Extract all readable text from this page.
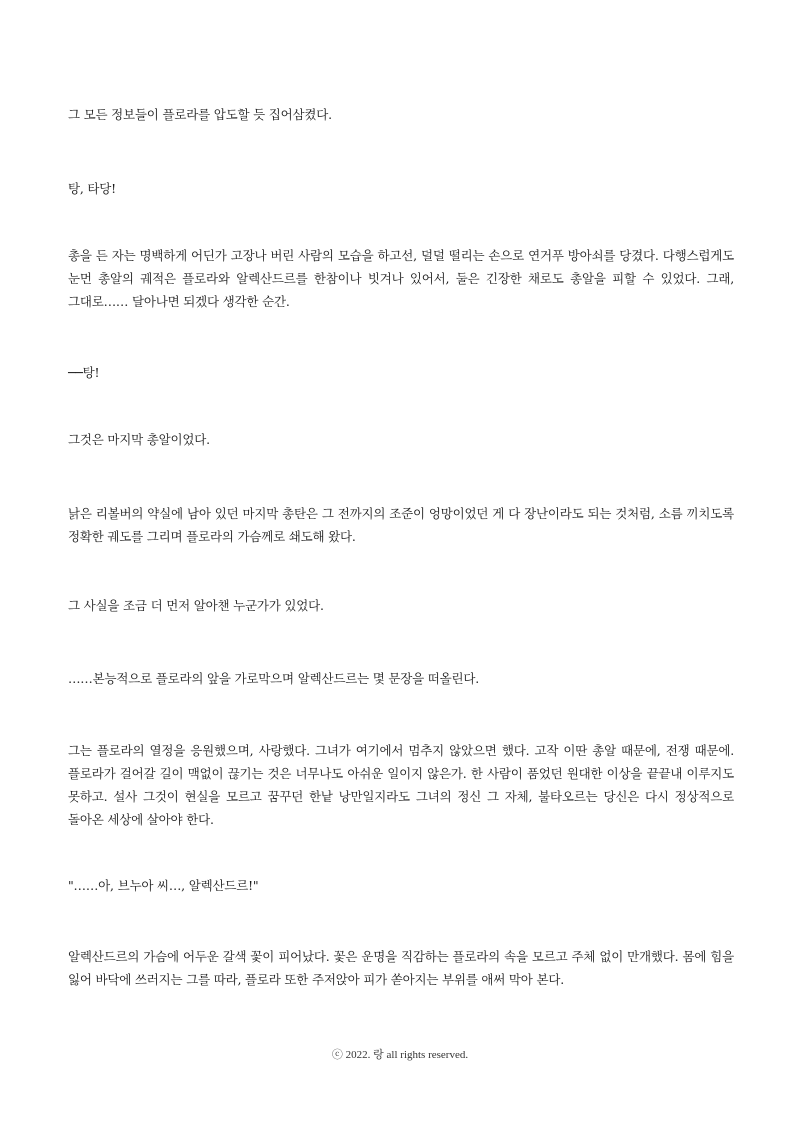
그 모든 정보들이 플로라를 압도할 듯 집어삼켰다.

탕, 타당!

총을 든 자는 명백하게 어딘가 고장나 버린 사람의 모습을 하고선, 덜덜 떨리는 손으로 연거푸 방아쇠를 당겼다. 다행스럽게도 눈먼 총알의 궤적은 플로라와 알렉산드르를 한참이나 빗겨나 있어서, 둘은 긴장한 채로도 총알을 피할 수 있었다. 그래, 그대로…… 달아나면 되겠다 생각한 순간.

──탕!

그것은 마지막 총알이었다.

낡은 리볼버의 약실에 남아 있던 마지막 총탄은 그 전까지의 조준이 엉망이었던 게 다 장난이라도 되는 것처럼, 소름 끼치도록 정확한 궤도를 그리며 플로라의 가슴께로 쇄도해 왔다.

그 사실을 조금 더 먼저 알아챈 누군가가 있었다.

……본능적으로 플로라의 앞을 가로막으며 알렉산드르는 몇 문장을 떠올린다.

그는 플로라의 열정을 응원했으며, 사랑했다. 그녀가 여기에서 멈추지 않았으면 했다. 고작 이딴 총알 때문에, 전쟁 때문에. 플로라가 걸어갈 길이 맥없이 끊기는 것은 너무나도 아쉬운 일이지 않은가. 한 사람이 품었던 원대한 이상을 끝끝내 이루지도 못하고. 설사 그것이 현실을 모르고 꿈꾸던 한낱 낭만일지라도 그녀의 정신 그 자체, 불타오르는 당신은 다시 정상적으로 돌아온 세상에 살아야 한다.

"……아, 브누아 씨…, 알렉산드르!"

알렉산드르의 가슴에 어두운 갈색 꽃이 피어났다. 꽃은 운명을 직감하는 플로라의 속을 모르고 주체 없이 만개했다. 몸에 힘을 잃어 바닥에 쓰러지는 그를 따라, 플로라 또한 주저앉아 피가 쏟아지는 부위를 애써 막아 본다.

ⓒ 2022. 랑 all rights reserved.
